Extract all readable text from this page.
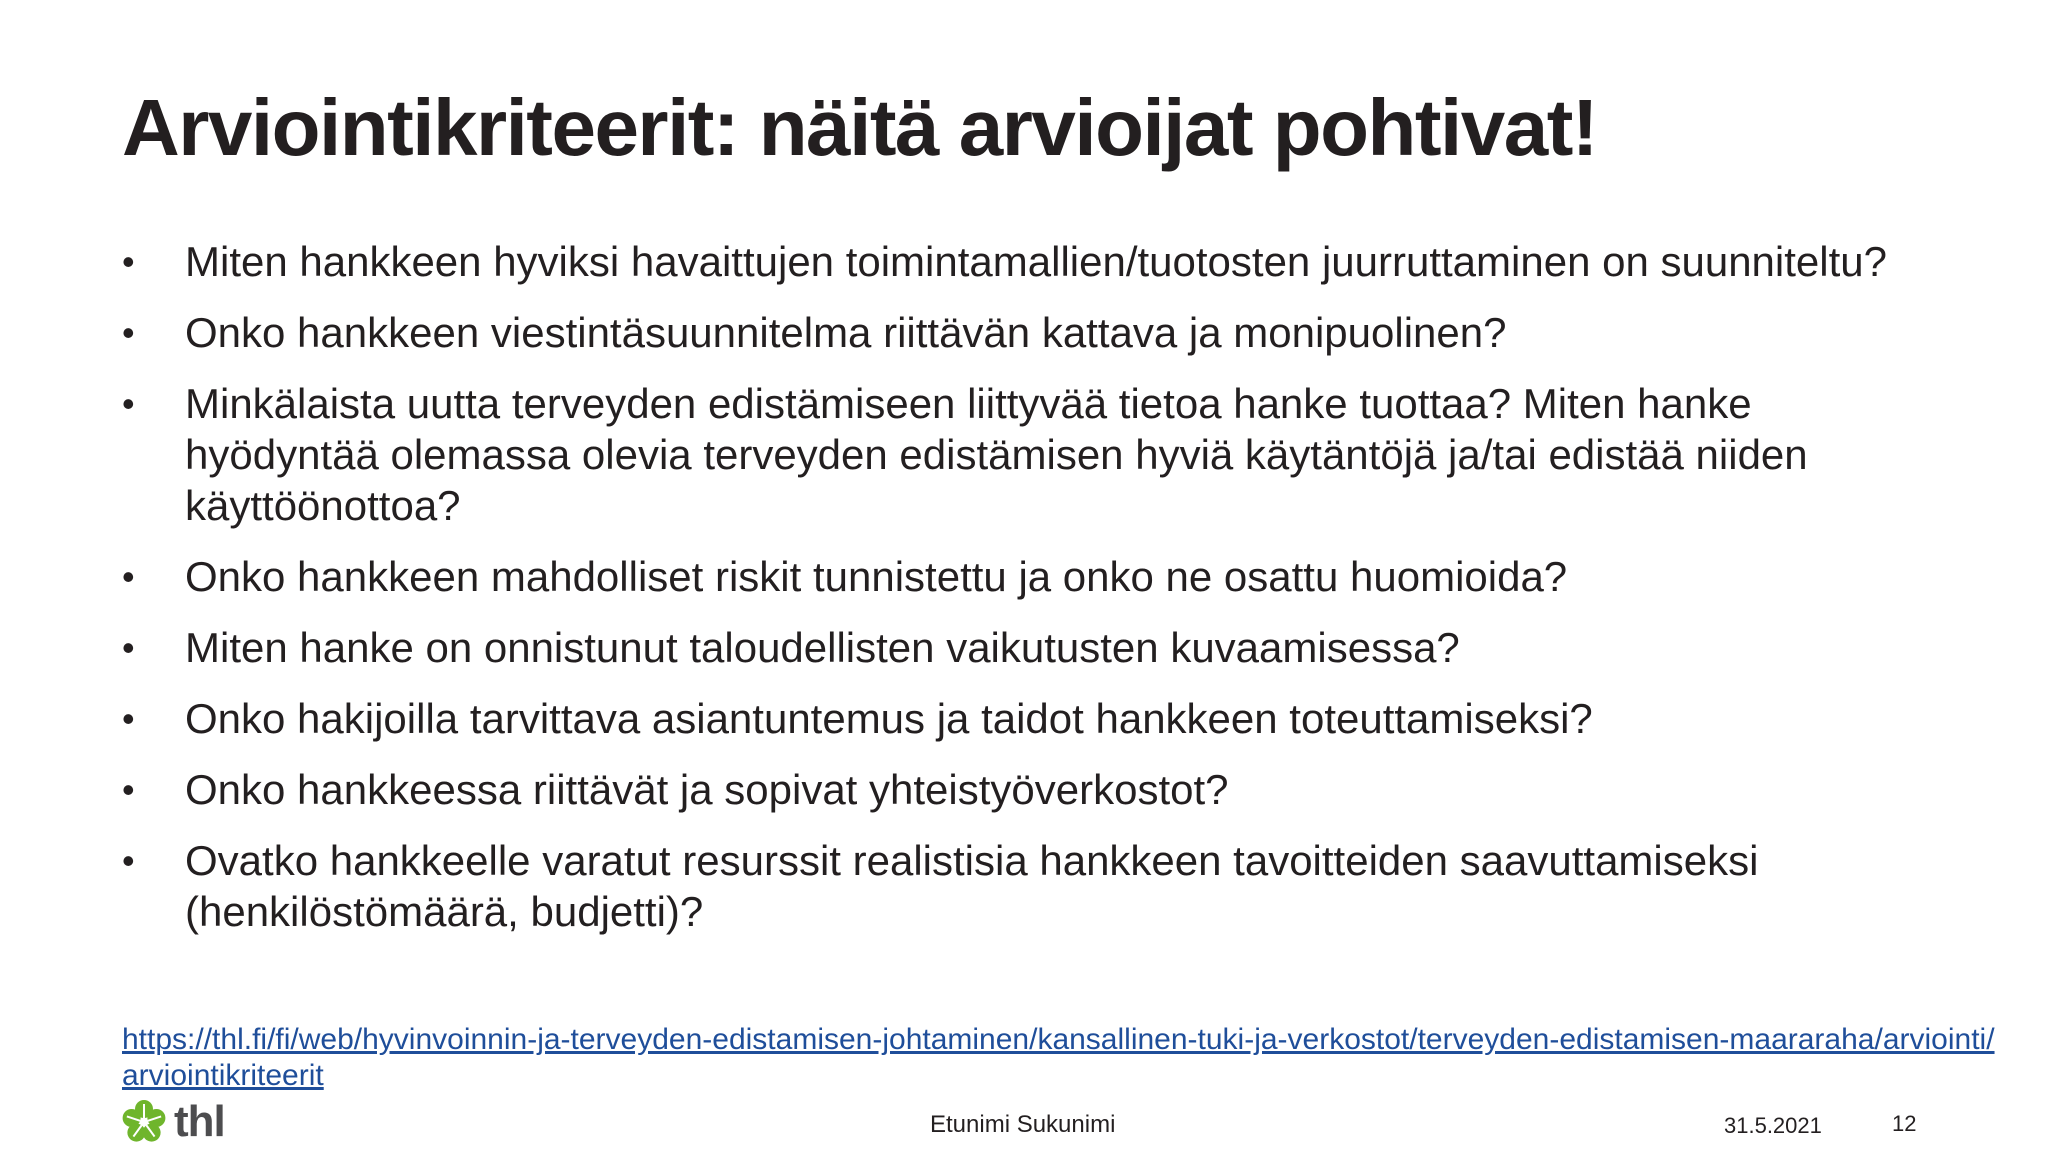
Arviointikriteerit: näitä arvioijat pohtivat!
•	Miten hankkeen hyviksi havaittujen toimintamallien/tuotosten juurruttaminen on suunniteltu?
•	Onko hankkeen viestintäsuunnitelma riittävän kattava ja monipuolinen?
•	Minkälaista uutta terveyden edistämiseen liittyvää tietoa hanke tuottaa? Miten hanke hyödyntää olemassa olevia terveyden edistämisen hyviä käytäntöjä ja/tai edistää niiden käyttöönottoa?
•	Onko hankkeen mahdolliset riskit tunnistettu ja onko ne osattu huomioida?
•	Miten hanke on onnistunut taloudellisten vaikutusten kuvaamisessa?
•	Onko hakijoilla tarvittava asiantuntemus ja taidot hankkeen toteuttamiseksi?
•	Onko hankkeessa riittävät ja sopivat yhteistyöverkostot?
•	Ovatko hankkeelle varatut resurssit realistisia hankkeen tavoitteiden saavuttamiseksi (henkilöstömäärä, budjetti)?
https://thl.fi/fi/web/hyvinvoinnin-ja-terveyden-edistamisen-johtaminen/kansallinen-tuki-ja-verkostot/terveyden-edistamisen-maararaha/arviointi/arviointikriteerit
thl	Etunimi Sukunimi	31.5.2021	12
